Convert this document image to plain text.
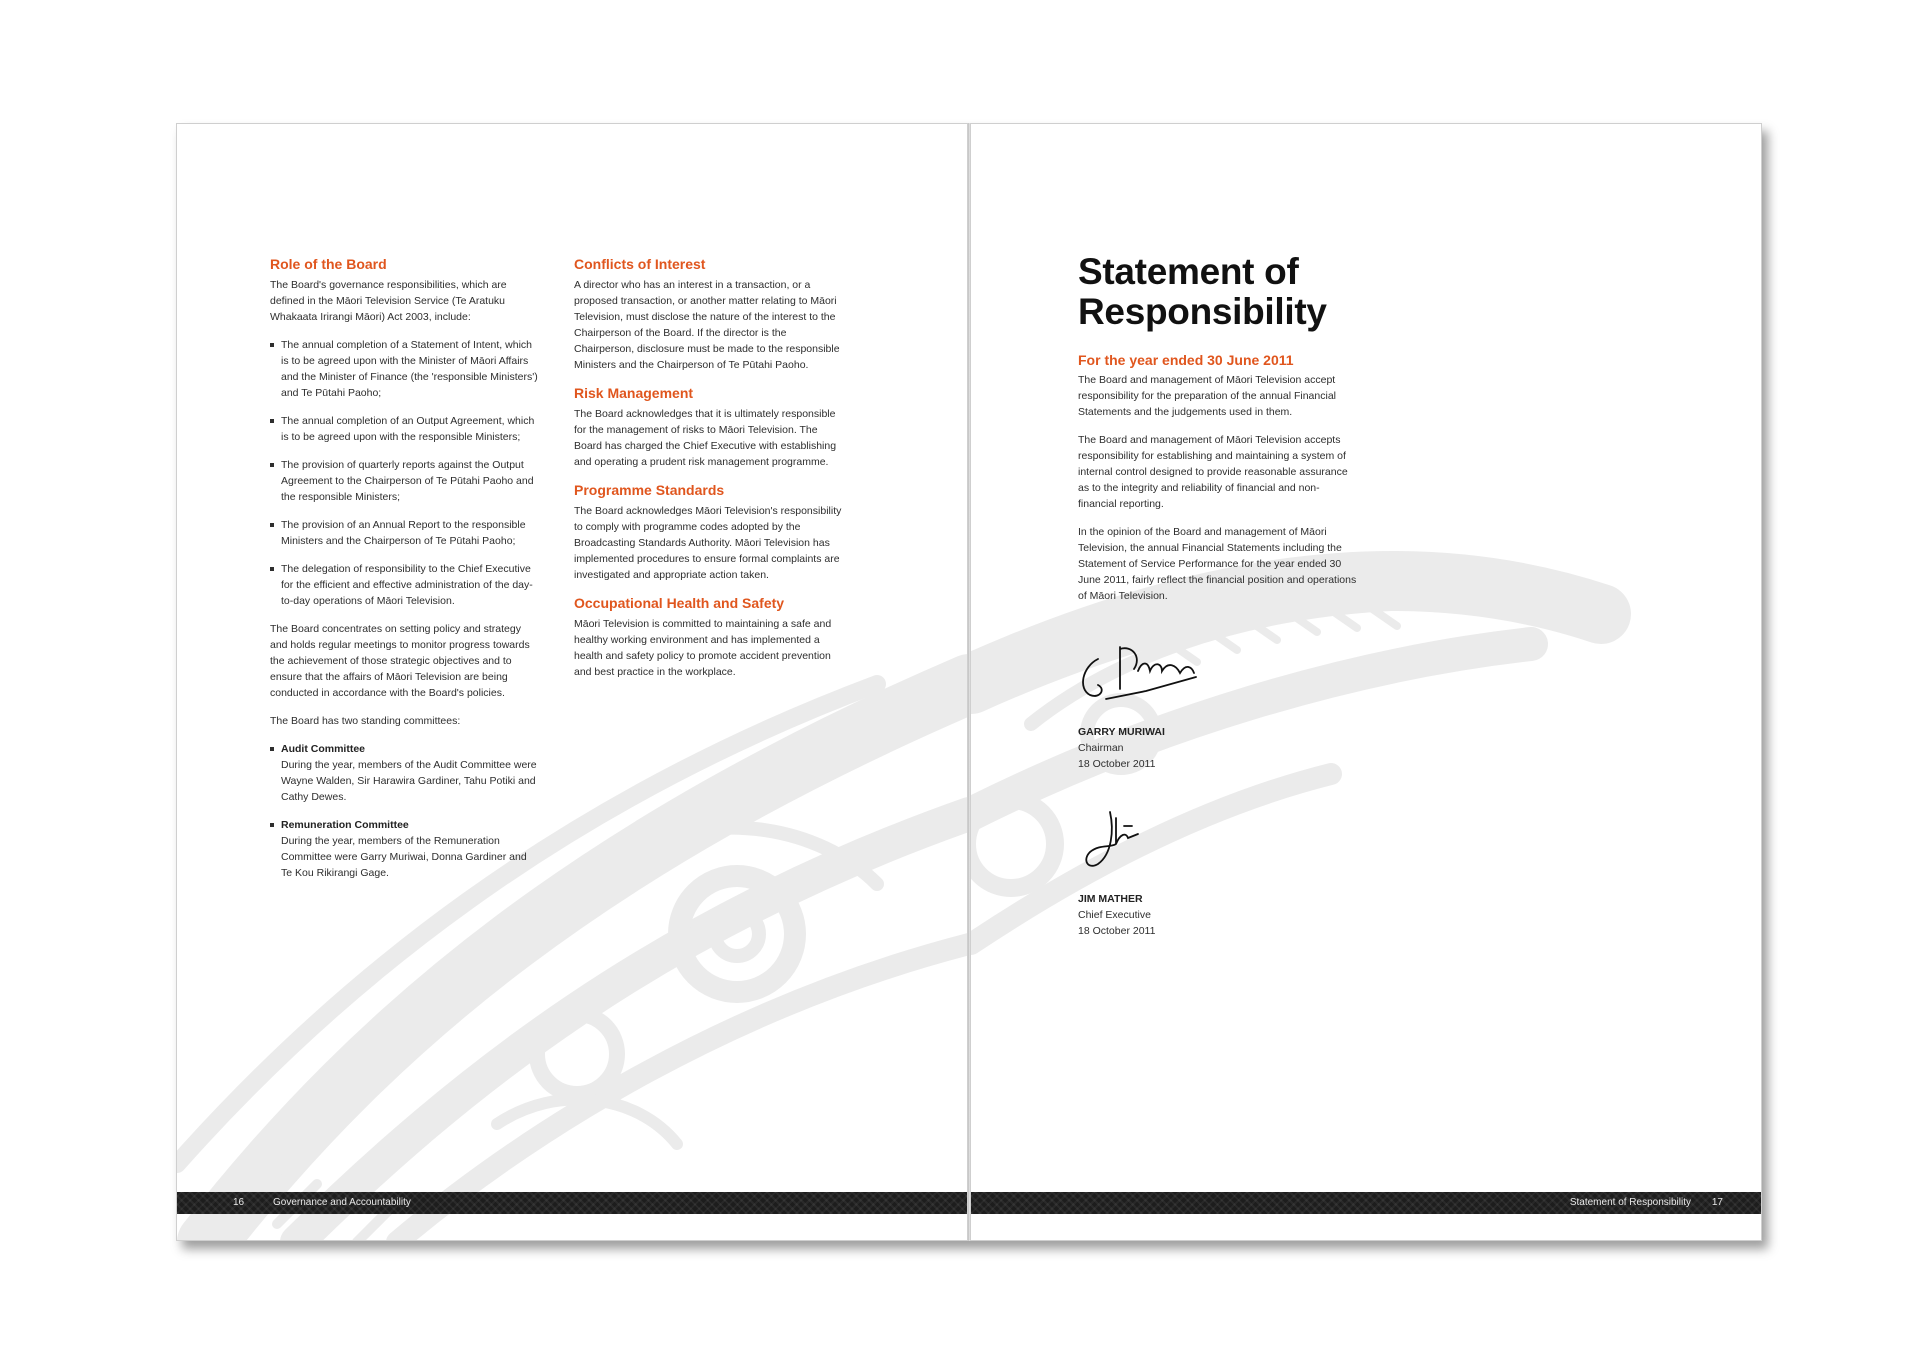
Role of the Board

The Board's governance responsibilities, which are defined in the Māori Television Service (Te Aratuku Whakaata Irirangi Māori) Act 2003, include:

The annual completion of a Statement of Intent, which is to be agreed upon with the Minister of Māori Affairs and the Minister of Finance (the 'responsible Ministers') and Te Pūtahi Paoho;
The annual completion of an Output Agreement, which is to be agreed upon with the responsible Ministers;
The provision of quarterly reports against the Output Agreement to the Chairperson of Te Pūtahi Paoho and the responsible Ministers;
The provision of an Annual Report to the responsible Ministers and the Chairperson of Te Pūtahi Paoho;
The delegation of responsibility to the Chief Executive for the efficient and effective administration of the day-to-day operations of Māori Television.

The Board concentrates on setting policy and strategy and holds regular meetings to monitor progress towards the achievement of those strategic objectives and to ensure that the affairs of Māori Television are being conducted in accordance with the Board's policies.

The Board has two standing committees:

Audit Committee
During the year, members of the Audit Committee were Wayne Walden, Sir Harawira Gardiner, Tahu Potiki and Cathy Dewes.
Remuneration Committee
During the year, members of the Remuneration Committee were Garry Muriwai, Donna Gardiner and Te Kou Rikirangi Gage.
Conflicts of Interest

A director who has an interest in a transaction, or a proposed transaction, or another matter relating to Māori Television, must disclose the nature of the interest to the Chairperson of the Board. If the director is the Chairperson, disclosure must be made to the responsible Ministers and the Chairperson of Te Pūtahi Paoho.

Risk Management

The Board acknowledges that it is ultimately responsible for the management of risks to Māori Television. The Board has charged the Chief Executive with establishing and operating a prudent risk management programme.

Programme Standards

The Board acknowledges Māori Television's responsibility to comply with programme codes adopted by the Broadcasting Standards Authority. Māori Television has implemented procedures to ensure formal complaints are investigated and appropriate action taken.

Occupational Health and Safety

Māori Television is committed to maintaining a safe and healthy working environment and has implemented a health and safety policy to promote accident prevention and best practice in the workplace.

16	Governance and Accountability
Statement of
Responsibility
For the year ended 30 June 2011

The Board and management of Māori Television accept responsibility for the preparation of the annual Financial Statements and the judgements used in them.

The Board and management of Māori Television accepts responsibility for establishing and maintaining a system of internal control designed to provide reasonable assurance as to the integrity and reliability of financial and non-financial reporting.

In the opinion of the Board and management of Māori Television, the annual Financial Statements including the Statement of Service Performance for the year ended 30 June 2011, fairly reflect the financial position and operations of Māori Television.

GARRY MURIWAI
Chairman
18 October 2011
JIM MATHER
Chief Executive
18 October 2011
Statement of Responsibility 17
